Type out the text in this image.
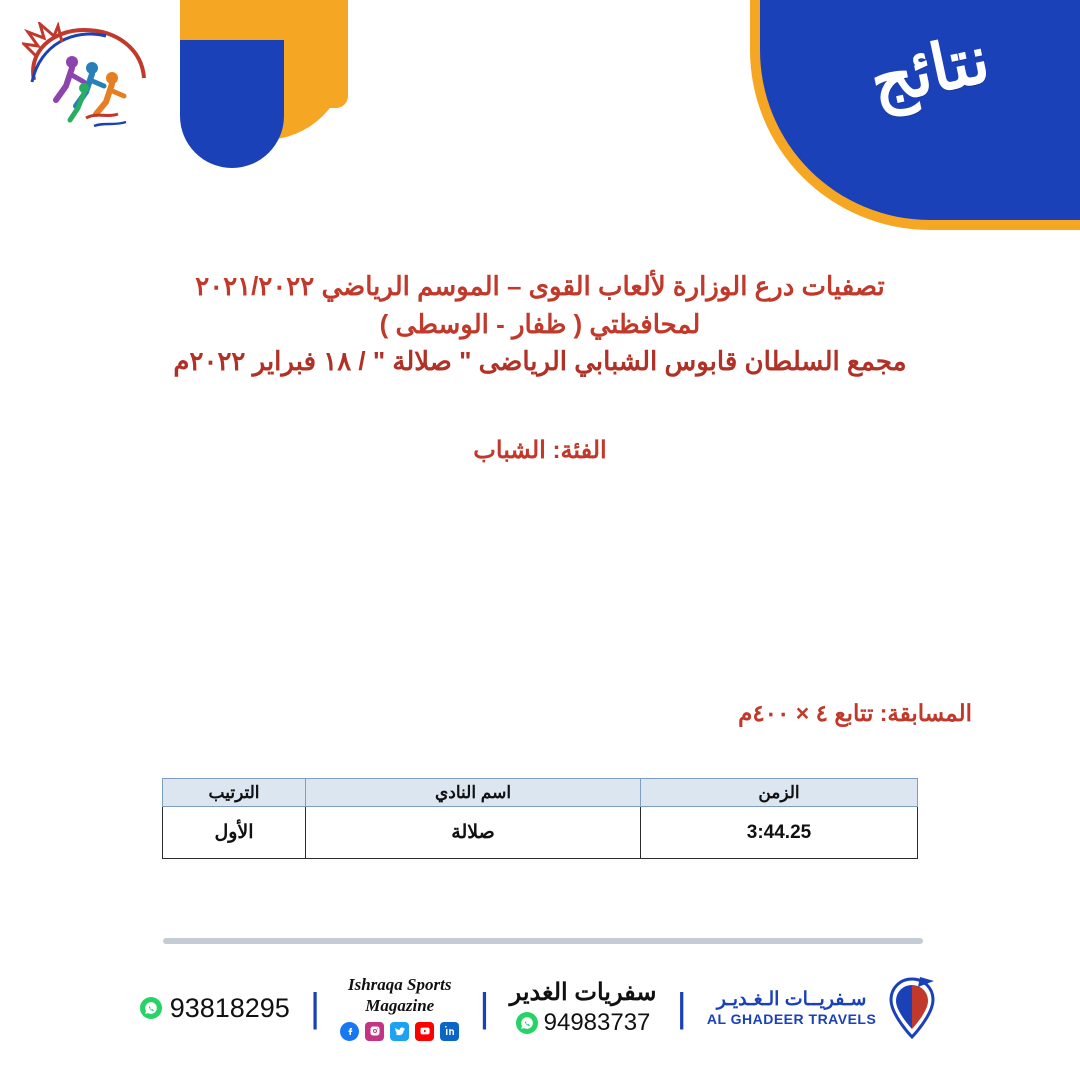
نتائج
تصفيات درع الوزارة لألعاب القوى – الموسم الرياضي ٢٠٢١/٢٠٢٢
لمحافظتي ( ظفار - الوسطى )
مجمع السلطان قابوس الشبابي الرياضى " صلالة " / ١٨ فبراير ٢٠٢٢م
الفئة: الشباب
المسابقة: تتابع ٤ × ٤٠٠م
الزمن	اسم النادي	الترتيب
3:44.25	صلالة	الأول
سـفريــات الـغـديـر
AL GHADEER TRAVELS
|
سفريات الغدير
94983737
|
Ishraqa Sports
Magazine
|
93818295
